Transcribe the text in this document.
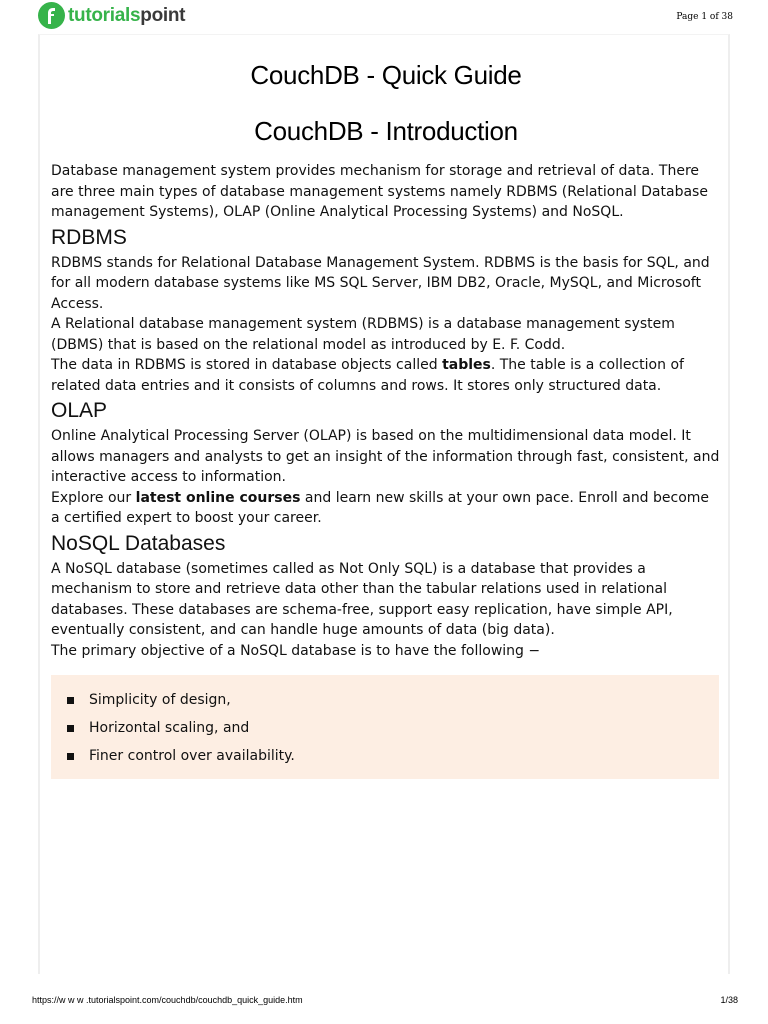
tutorialspoint	Page 1 of 38
CouchDB - Quick Guide
CouchDB - Introduction

Database management system provides mechanism for storage and retrieval of data. There are three main types of database management systems namely RDBMS (Relational Database management Systems), OLAP (Online Analytical Processing Systems) and NoSQL.

RDBMS

RDBMS stands for Relational Database Management System. RDBMS is the basis for SQL, and for all modern database systems like MS SQL Server, IBM DB2, Oracle, MySQL, and Microsoft Access.

A Relational database management system (RDBMS) is a database management system (DBMS) that is based on the relational model as introduced by E. F. Codd.

The data in RDBMS is stored in database objects called tables. The table is a collection of related data entries and it consists of columns and rows. It stores only structured data.

OLAP

Online Analytical Processing Server (OLAP) is based on the multidimensional data model. It allows managers and analysts to get an insight of the information through fast, consistent, and interactive access to information.

Explore our latest online courses and learn new skills at your own pace. Enroll and become a certified expert to boost your career.

NoSQL Databases

A NoSQL database (sometimes called as Not Only SQL) is a database that provides a mechanism to store and retrieve data other than the tabular relations used in relational databases. These databases are schema-free, support easy replication, have simple API, eventually consistent, and can handle huge amounts of data (big data).

The primary objective of a NoSQL database is to have the following −

Simplicity of design,
Horizontal scaling, and
Finer control over availability.
https://w w w .tutorialspoint.com/couchdb/couchdb_quick_guide.htm	1/38
